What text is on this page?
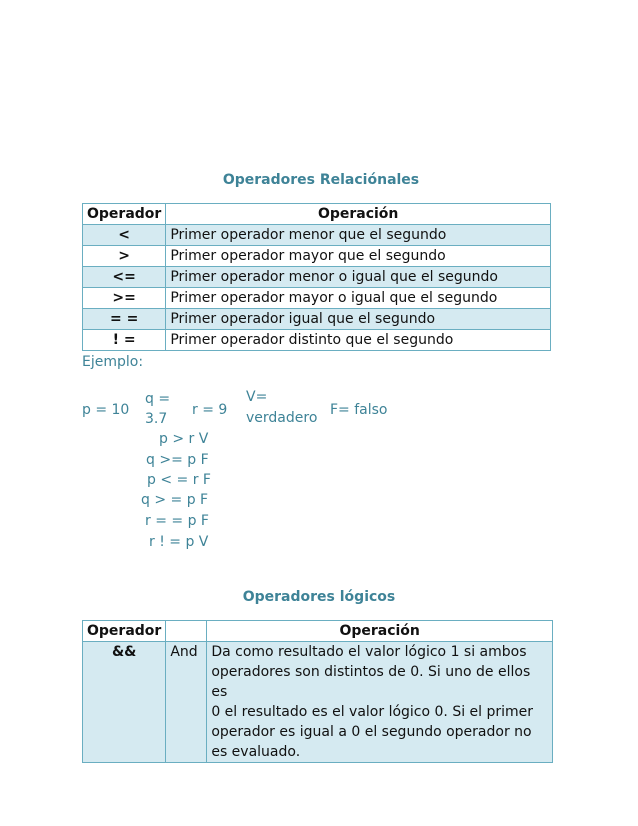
Operadores Relaciónales
Operador	Operación
<	Primer operador menor que el segundo
>	Primer operador mayor que el segundo
<=	Primer operador menor o igual que el segundo
>=	Primer operador mayor o igual que el segundo
= =	Primer operador igual que el segundo
! =	Primer operador distinto que el segundo
Ejemplo:
p = 10
q =
3.7
r = 9
V=
verdadero F= falso
p > r V
q >= p F
p < = r F
q > = p F
r = = p F
r ! = p V
Operadores lógicos
Operador		Operación
&&	And	Da como resultado el valor lógico 1 si ambos
operadores son distintos de 0. Si uno de ellos es
0 el resultado es el valor lógico 0. Si el primer
operador es igual a 0 el segundo operador no
es evaluado.
